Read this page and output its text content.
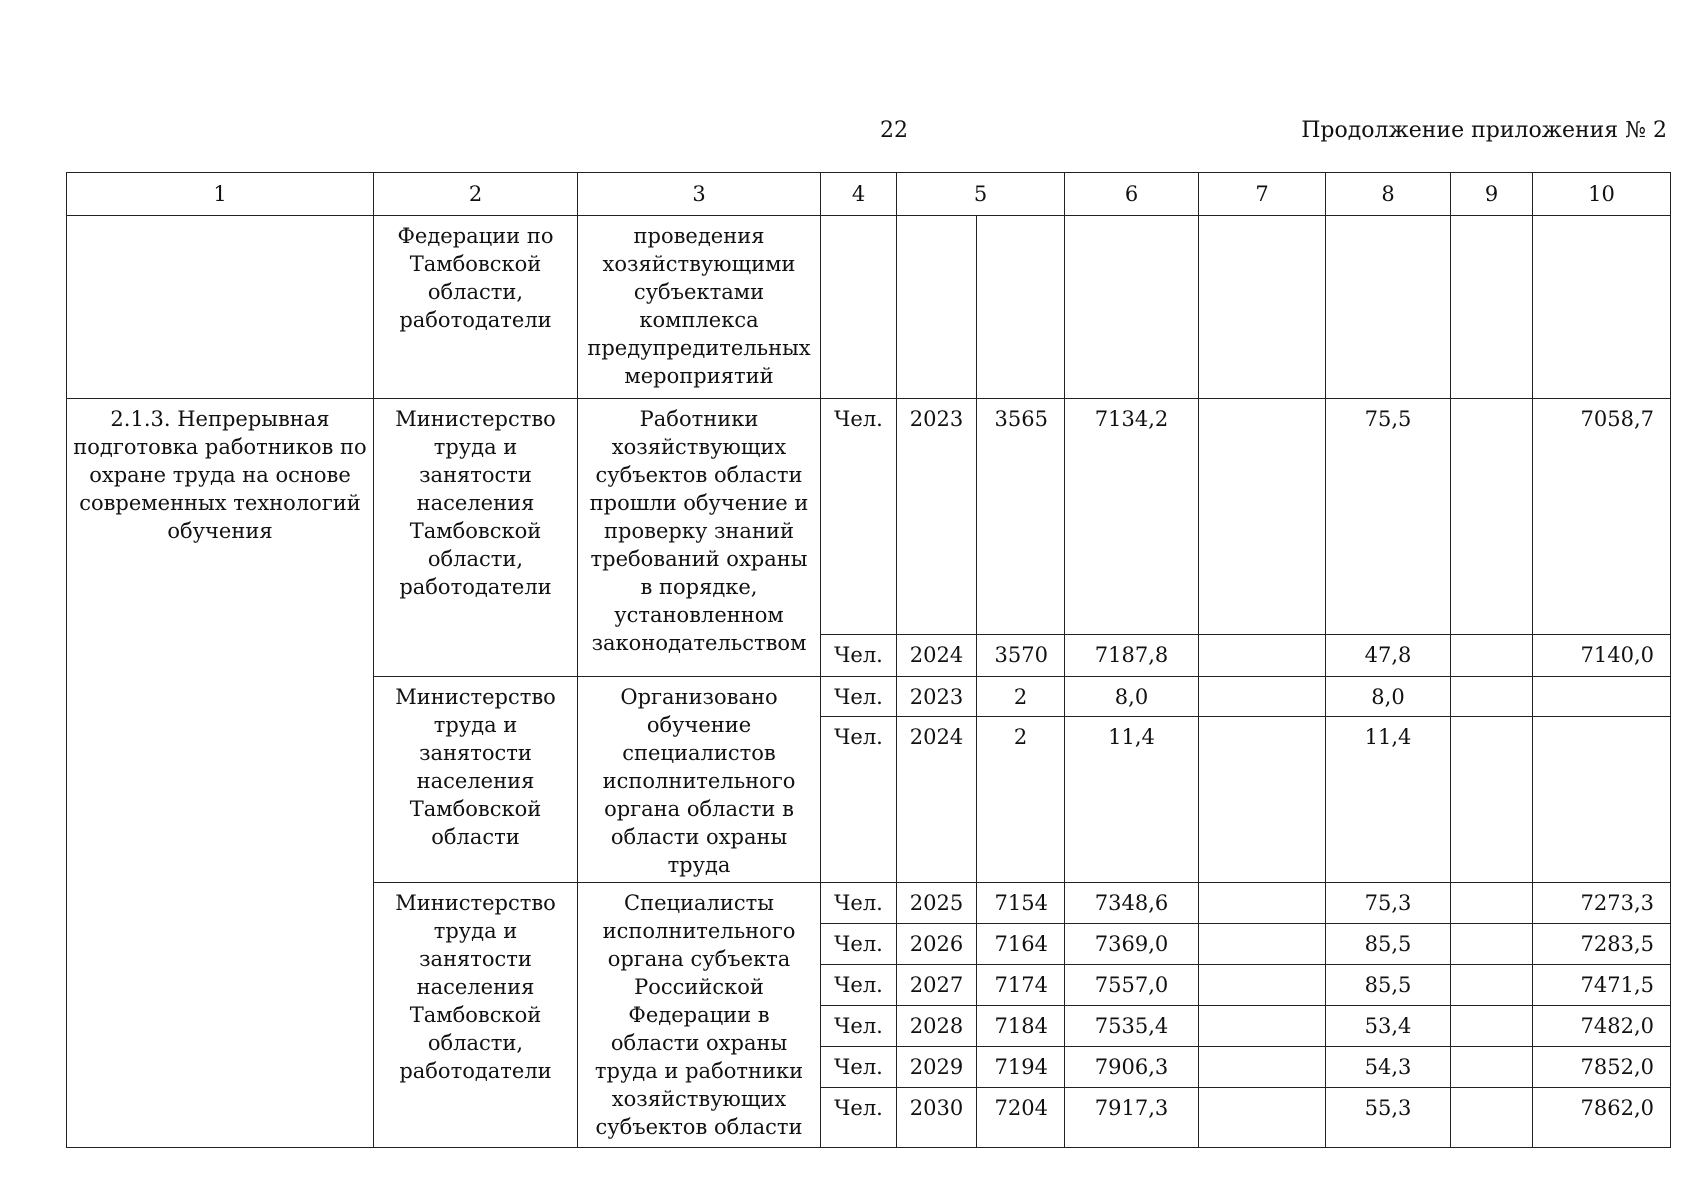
22	Продолжение приложения № 2
1	2	3	4	5		6	7	8	9	10
	Федерации по Тамбовской области, работодатели	проведения хозяйствующими субъектами комплекса предупредительных мероприятий								
2.1.3. Непрерывная подготовка работников по охране труда на основе современных технологий обучения	Министерство труда и занятости населения Тамбовской области, работодатели	Работники хозяйствующих субъектов области прошли обучение и проверку знаний требований охраны в порядке, установленном законодательством	Чел.	2023	3565	7134,2		75,5		7058,7
			Чел.	2024	3570	7187,8		47,8		7140,0
	Министерство труда и занятости населения Тамбовской области	Организовано обучение специалистов исполнительного органа области в области охраны труда	Чел.	2023	2	8,0		8,0		
			Чел.	2024	2	11,4		11,4		
	Министерство труда и занятости населения Тамбовской области, работодатели	Специалисты исполнительного органа субъекта Российской Федерации в области охраны труда и работники хозяйствующих субъектов области	Чел.	2025	7154	7348,6		75,3		7273,3
			Чел.	2026	7164	7369,0		85,5		7283,5
			Чел.	2027	7174	7557,0		85,5		7471,5
			Чел.	2028	7184	7535,4		53,4		7482,0
			Чел.	2029	7194	7906,3		54,3		7852,0
			Чел.	2030	7204	7917,3		55,3		7862,0
